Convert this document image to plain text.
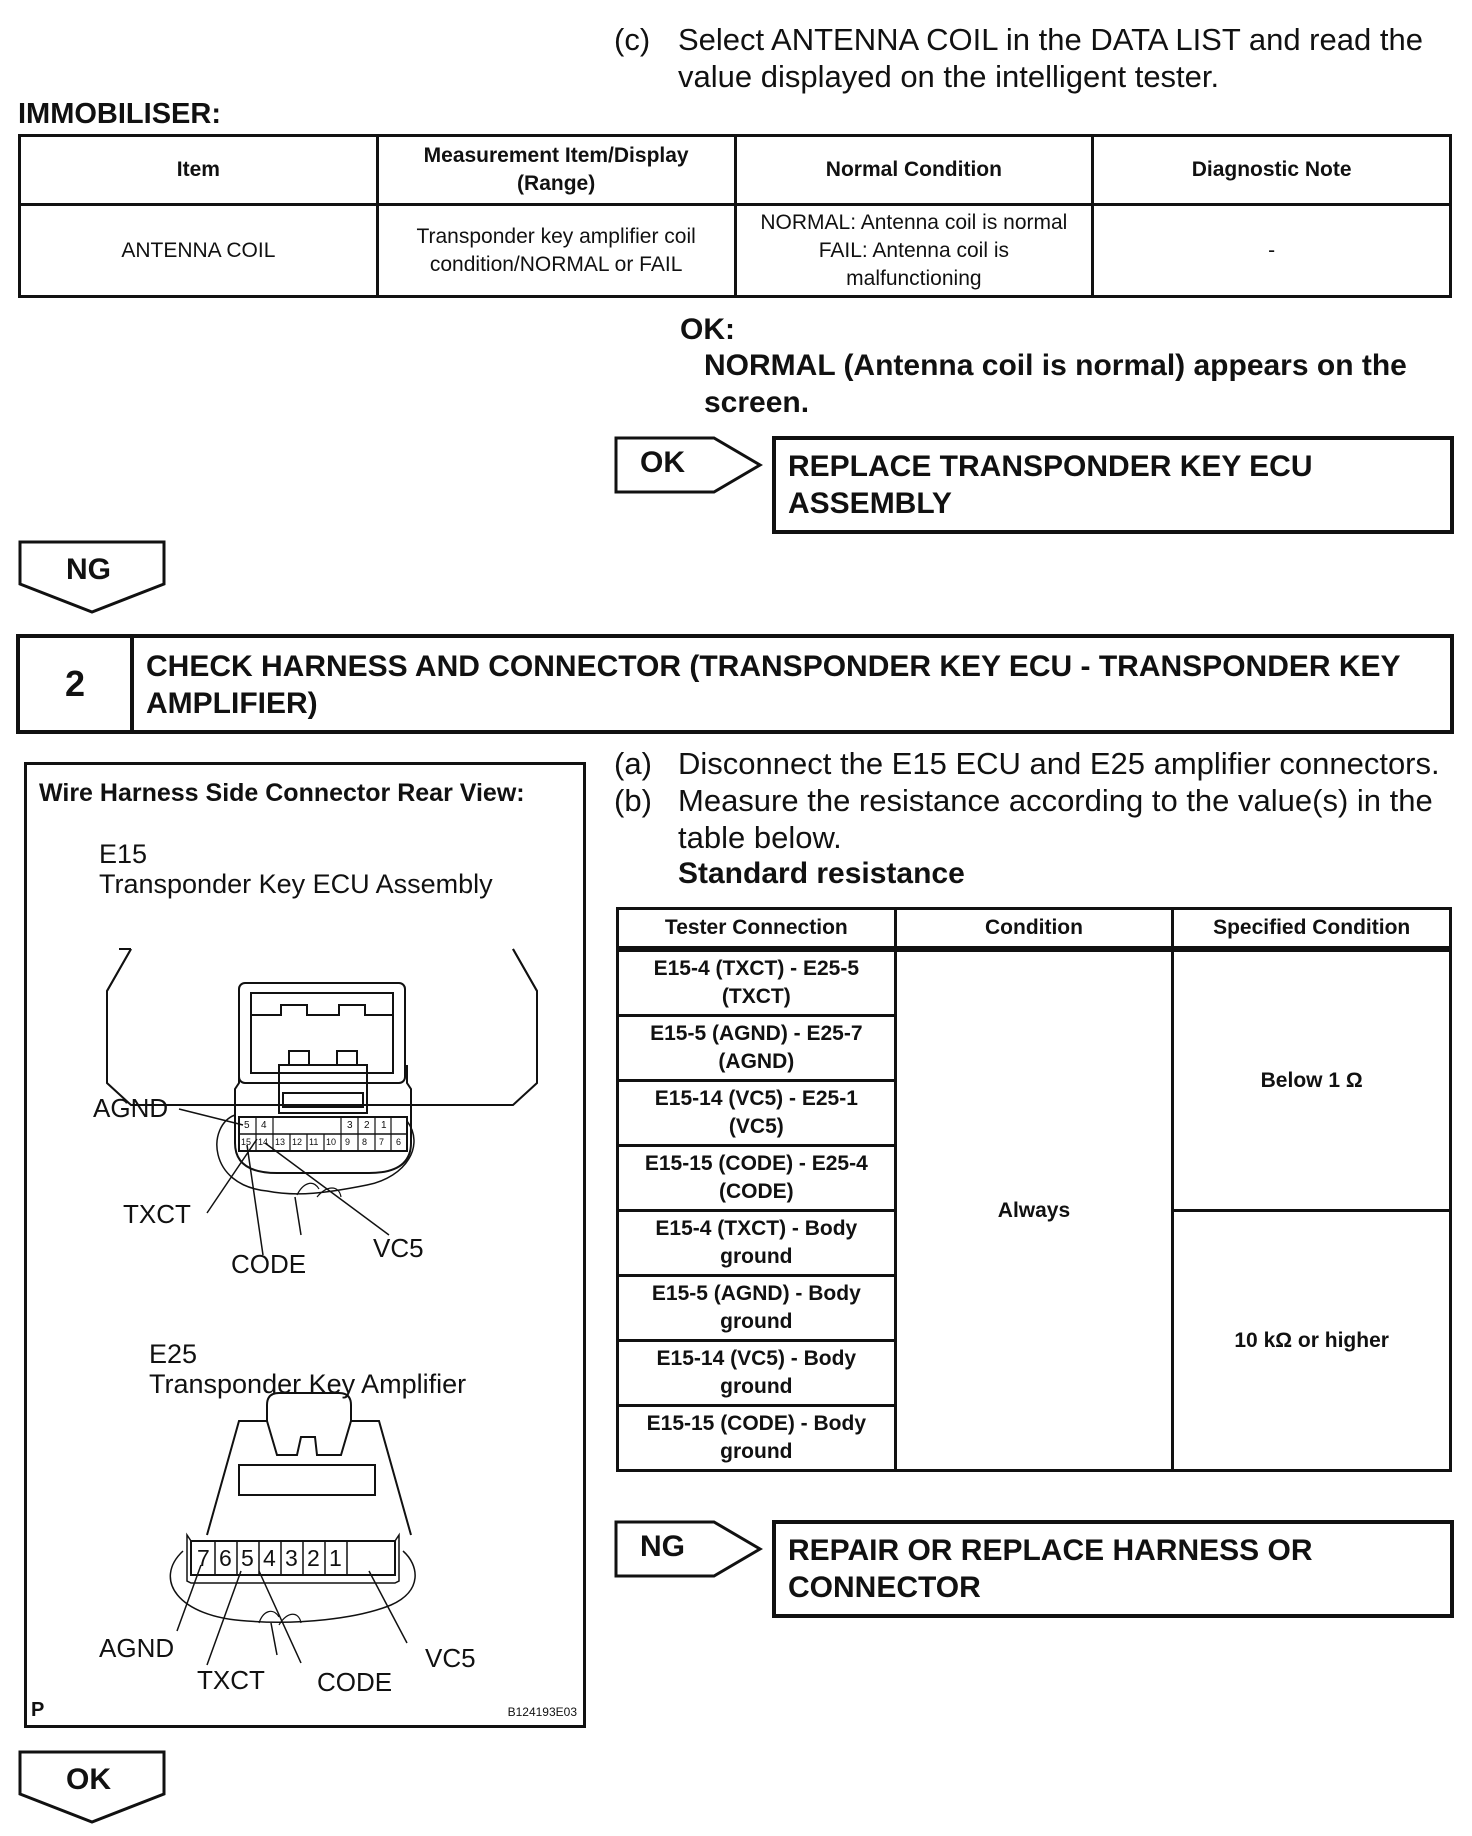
(c) Select ANTENNA COIL in the DATA LIST and read the
value displayed on the intelligent tester.
IMMOBILISER:
Item	Measurement Item/Display (Range)	Normal Condition	Diagnostic Note
ANTENNA COIL	Transponder key amplifier coil condition/NORMAL or FAIL	NORMAL: Antenna coil is normal
FAIL: Antenna coil is
malfunctioning	-
OK:
NORMAL (Antenna coil is normal) appears on the
screen.
OK	REPLACE TRANSPONDER KEY ECU
ASSEMBLY
NG
2	CHECK HARNESS AND CONNECTOR (TRANSPONDER KEY ECU - TRANSPONDER KEY
AMPLIFIER)
Wire Harness Side Connector Rear View:
E15
Transponder Key ECU Assembly
5 4	3 2 1
15 14 13 12 11 10 9 8 7 6
AGND
TXCT
CODE
VC5
E25
Transponder Key Amplifier
7 6 5 4 3 2 1
AGND
TXCT CODE
VC5
P	B124193E03
(a) Disconnect the E15 ECU and E25 amplifier connectors.
(b) Measure the resistance according to the value(s) in the
table below.
Standard resistance
Tester Connection	Condition	Specified Condition

E15-4 (TXCT) - E25-5
(TXCT)	Always	Below 1 Ω

E15-5 (AGND) - E25-7
(AGND)		

E15-14 (VC5) - E25-1
(VC5)		

E15-15 (CODE) - E25-4
(CODE)		

E15-4 (TXCT) - Body
ground		10 kΩ or higher

E15-5 (AGND) - Body
ground		

E15-14 (VC5) - Body
ground		

E15-15 (CODE) - Body
ground		
NG	REPAIR OR REPLACE HARNESS OR
CONNECTOR
OK
